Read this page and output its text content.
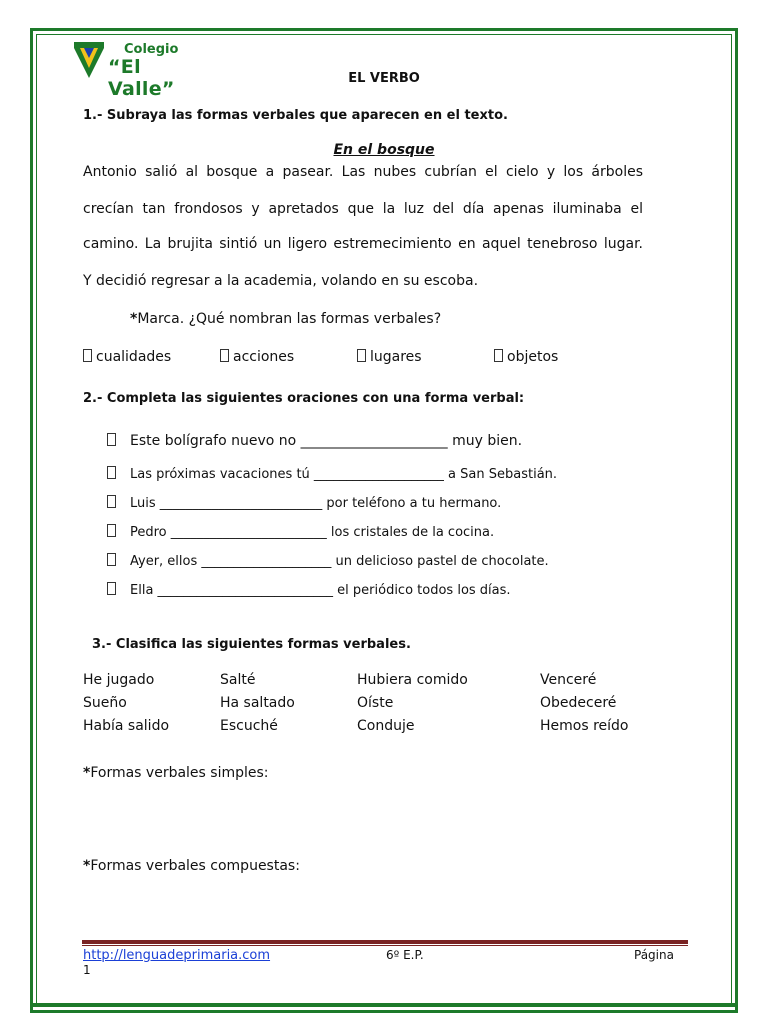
Colegio
“El Valle”	EL VERBO
1.- Subraya las formas verbales que aparecen en el texto.
En el bosque
Antonio salió al bosque a pasear. Las nubes cubrían el cielo y los árboles
crecían tan frondosos y apretados que la luz del día apenas iluminaba el
camino. La brujita sintió un ligero estremecimiento en aquel tenebroso lugar.
Y decidió regresar a la academia, volando en su escoba.
*Marca. ¿Qué nombran las formas verbales?
cualidades	acciones	lugares	objetos
2.- Completa las siguientes oraciones con una forma verbal:
Este bolígrafo nuevo no _____________________ muy bien.
Las próximas vacaciones tú ____________________ a San Sebastián.
Luis _________________________ por teléfono a tu hermano.
Pedro ________________________ los cristales de la cocina.
Ayer, ellos ____________________ un delicioso pastel de chocolate.
Ella ___________________________ el periódico todos los días.
3.- Clasifica las siguientes formas verbales.
He jugado	Salté	Hubiera comido	Venceré
Sueño	Ha saltado	Oíste	Obedeceré
Había salido	Escuché	Conduje	Hemos reído
*Formas verbales simples:
*Formas verbales compuestas:
http://lenguadeprimaria.com	6º E.P.	Página
1
